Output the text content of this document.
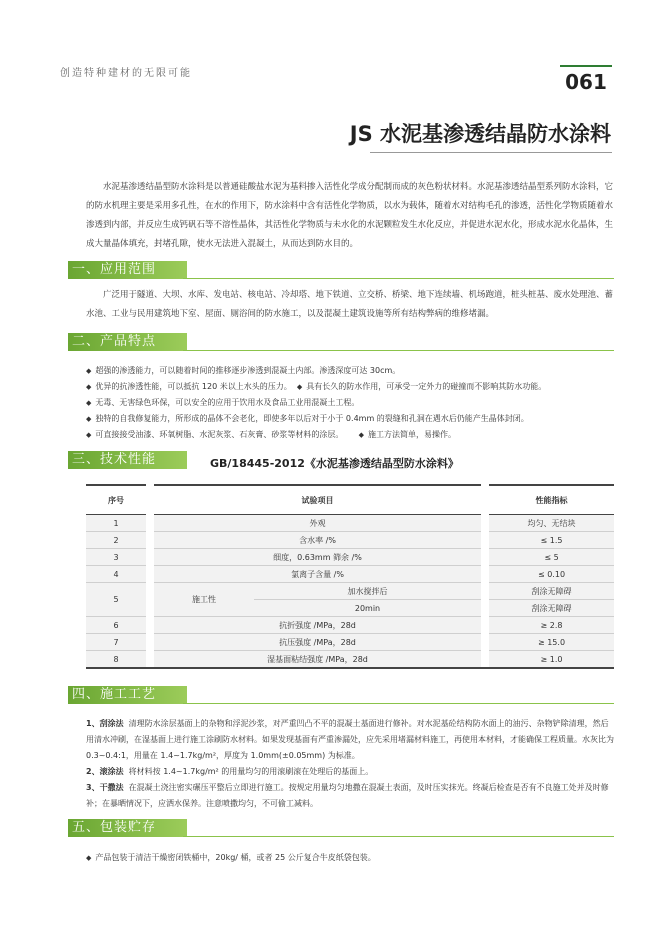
创造特种建材的无限可能	061
JS 水泥基渗透结晶防水涂料
水泥基渗透结晶型防水涂料是以普通硅酸盐水泥为基料掺入活性化学成分配制而成的灰色粉状材料。水泥基渗透结晶型系列防水涂料，它的防水机理主要是采用多孔性，在水的作用下，防水涂料中含有活性化学物质，以水为载体，随着水对结构毛孔的渗透，活性化学物质随着水渗透到内部，并反应生成钙矾石等不溶性晶体，其活性化学物质与未水化的水泥颗粒发生水化反应，并促进水泥水化，形成水泥水化晶体，生成大量晶体填充，封堵孔隙，使水无法进入混凝土，从而达到防水目的。
一、应用范围
广泛用于隧道、大坝、水库、发电站、核电站、冷却塔、地下铁道、立交桥、桥梁、地下连续墙、机场跑道，桩头桩基、废水处理池、蓄水池、工业与民用建筑地下室、屋面、厕浴间的防水施工，以及混凝土建筑设施等所有结构弊病的维修堵漏。
二、产品特点
◆ 超强的渗透能力，可以随着时间的推移逐步渗透到混凝土内部。渗透深度可达 30cm。
◆ 优异的抗渗透性能，可以抵抗 120 米以上水头的压力。 ◆ 具有长久的防水作用，可承受一定外力的碰撞而不影响其防水功能。
◆ 无毒、无害绿色环保，可以安全的应用于饮用水及食品工业用混凝土工程。
◆ 独特的自我修复能力，所形成的晶体不会老化，即使多年以后对于小于 0.4mm 的裂缝和孔洞在遇水后仍能产生晶体封闭。
◆ 可直接接受油漆、环氧树脂、水泥灰浆、石灰膏、砂浆等材料的涂层。 ◆ 施工方法简单，易操作。
三、技术性能	GB/18445-2012《水泥基渗透结晶型防水涂料》
序号		试验项目			性能指标
1		外观			均匀、无结块
2		含水率 /%			≤ 1.5
3		细度，0.63mm 筛余 /%			≤ 5
4		氯离子含量 /%			≤ 0.10
5		施工性	加水搅拌后		刮涂无障碍
			20min		刮涂无障碍
6		抗折强度 /MPa，28d			≥ 2.8
7		抗压强度 /MPa，28d			≥ 15.0
8		湿基面粘结强度 /MPa，28d			≥ 1.0
四、施工工艺
1、刮涂法 清理防水涂层基面上的杂物和浮泥沙浆，对严重凹凸不平的混凝土基面进行修补。对水泥基砼结构防水面上的油污、杂物铲除清理，然后用清水冲刷，在湿基面上进行施工涂刷防水材料。如果发现基面有严重渗漏处，应先采用堵漏材料施工，再使用本材料，才能确保工程质量。水灰比为 0.3~0.4:1，用量在 1.4~1.7kg/m²，厚度为 1.0mm(±0.05mm) 为标准。
2、滚涂法 将材料按 1.4~1.7kg/m² 的用量均匀的用滚刷滚在处理后的基面上。
3、干撒法 在混凝土浇注密实碾压平整后立即进行施工。按规定用量均匀地撒在混凝土表面，及时压实抹光。终凝后检查是否有不良施工处并及时修补；在暴晒情况下，应洒水保养。注意喷撒均匀，不可偷工减料。
五、包装贮存
◆ 产品包装于清洁干燥密闭铁桶中，20kg/ 桶，或者 25 公斤复合牛皮纸袋包装。
